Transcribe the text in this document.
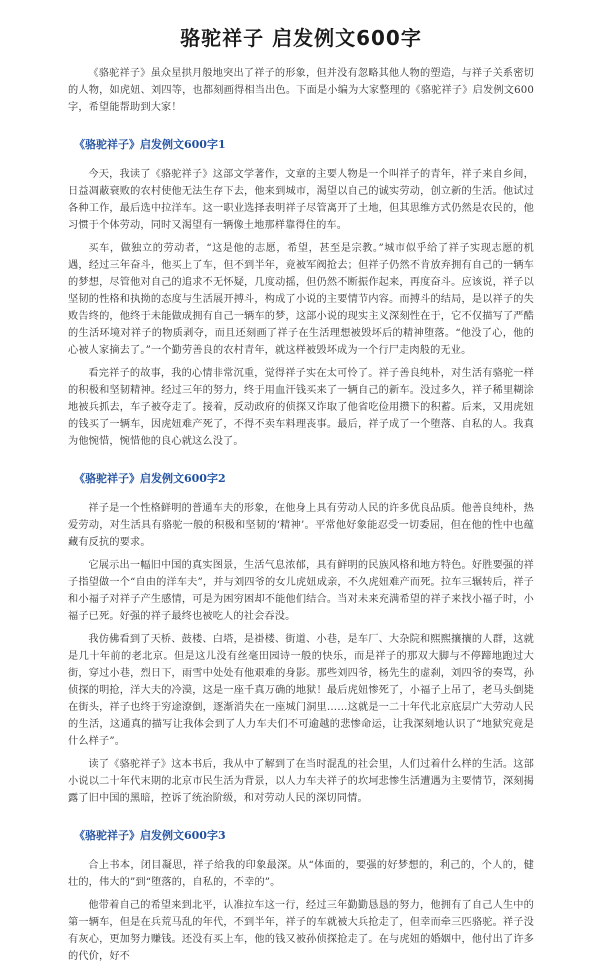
骆驼祥子 启发例文600字

《骆驼祥子》虽众星拱月般地突出了祥子的形象，但并没有忽略其他人物的塑造，与祥子关系密切的人物，如虎妞、刘四等，也都刻画得相当出色。下面是小编为大家整理的《骆驼祥子》启发例文600字，希望能帮助到大家！

《骆驼祥子》启发例文600字1

今天，我读了《骆驼祥子》这部文学著作，文章的主要人物是一个叫祥子的青年，祥子来自乡间，日益凋蔽衰败的农村使他无法生存下去，他来到城市，渴望以自己的诚实劳动，创立新的生活。他试过各种工作，最后选中拉洋车。这一职业选择表明祥子尽管离开了土地，但其思维方式仍然是农民的，他习惯于个体劳动，同时又渴望有一辆像土地那样靠得住的车。

买车，做独立的劳动者，“这是他的志愿，希望，甚至是宗教。”城市似乎给了祥子实现志愿的机遇，经过三年奋斗，他买上了车，但不到半年，竟被军阀抢去；但祥子仍然不肯放弃拥有自己的一辆车的梦想，尽管他对自己的追求不无怀疑，几度动摇，但仍然不断振作起来，再度奋斗。应该说，祥子以坚韧的性格和执拗的态度与生活展开搏斗，构成了小说的主要情节内容。而搏斗的结局，是以祥子的失败告终的，他终于未能做成拥有自己一辆车的梦，这部小说的现实主义深刻性在于，它不仅描写了严酷的生活环境对祥子的物质剥夺，而且还刻画了祥子在生活理想被毁坏后的精神堕落。“他没了心，他的心被人家摘去了。”一个勤劳善良的农村青年，就这样被毁坏成为一个行尸走肉般的无业。

看完祥子的故事，我的心情非常沉重，觉得祥子实在太可怜了。祥子善良纯朴，对生活有骆驼一样的积极和坚韧精神。经过三年的努力，终于用血汗钱买来了一辆自己的新车。没过多久，祥子稀里糊涂地被兵抓去，车子被夺走了。接着，反动政府的侦探又诈取了他省吃俭用攒下的积蓄。后来，又用虎妞的钱买了一辆车，因虎妞难产死了，不得不卖车料理丧事。最后，祥子成了一个堕落、自私的人。我真为他惋惜，惋惜他的良心就这么没了。

《骆驼祥子》启发例文600字2

祥子是一个性格鲜明的普通车夫的形象，在他身上具有劳动人民的许多优良品质。他善良纯朴，热爱劳动，对生活具有骆驼一般的积极和坚韧的‘精神’。平常他好象能忍受一切委屈，但在他的性中也蕴藏有反抗的要求。

它展示出一幅旧中国的真实图景，生活气息浓郁，具有鲜明的民族风格和地方特色。好胜要强的祥子指望做一个“自由的洋车夫”，并与刘四爷的女儿虎妞成亲，不久虎妞难产而死。拉车三辗转后，祥子和小福子对祥子产生感情，可是为困穷困却不能他们结合。当对未来充满希望的祥子来找小福子时，小福子已死。好强的祥子最终也被吃人的社会吞没。

我仿佛看到了天桥、鼓楼、白塔，是褂楼、街道、小巷，是车厂、大杂院和熙熙攘攘的人群，这就是几十年前的老北京。但是这儿没有丝毫田园诗一般的快乐，而是祥子的那双大脚与不停蹄地跑过大街，穿过小巷，烈日下，雨雪中处处有他艰难的身影。那些刘四爷，杨先生的虚刹，刘四爷的奏骂，孙侦探的明抢，洋大夫的冷漠，这是一座千真万确的地狱！最后虎妞惨死了，小福子上吊了，老马头倒毙在街头，祥子也终于穷途潦倒，逐渐消失在一座城门洞里……这就是一二十年代北京底层广大劳动人民的生活，这通真的描写让我体会到了人力车夫们不可逾越的悲惨命运，让我深刻地认识了“地狱究竟是什么样子”。

读了《骆驼祥子》这本书后，我从中了解到了在当时混乱的社会里，人们过着什么样的生活。这部小说以二十年代末期的北京市民生活为背景，以人力车夫祥子的坎坷悲惨生活遭遇为主要情节，深刻揭露了旧中国的黑暗，控诉了统治阶级，和对劳动人民的深切同情。

《骆驼祥子》启发例文600字3

合上书本，闭目凝思，祥子给我的印象最深。从“体面的，要强的好梦想的，利己的，个人的，健壮的，伟大的”到“堕落的，自私的，不幸的”。

他带着自己的希望来到北平，认准拉车这一行，经过三年勤勤恳恳的努力，他拥有了自己人生中的第一辆车，但是在兵荒马乱的年代，不到半年，祥子的车就被大兵抢走了，但幸而牵三匹骆驼。祥子没有灰心，更加努力赚钱。还没有买上车，他的钱又被孙侦探抢走了。在与虎妞的婚姻中，他付出了许多的代价，好不
